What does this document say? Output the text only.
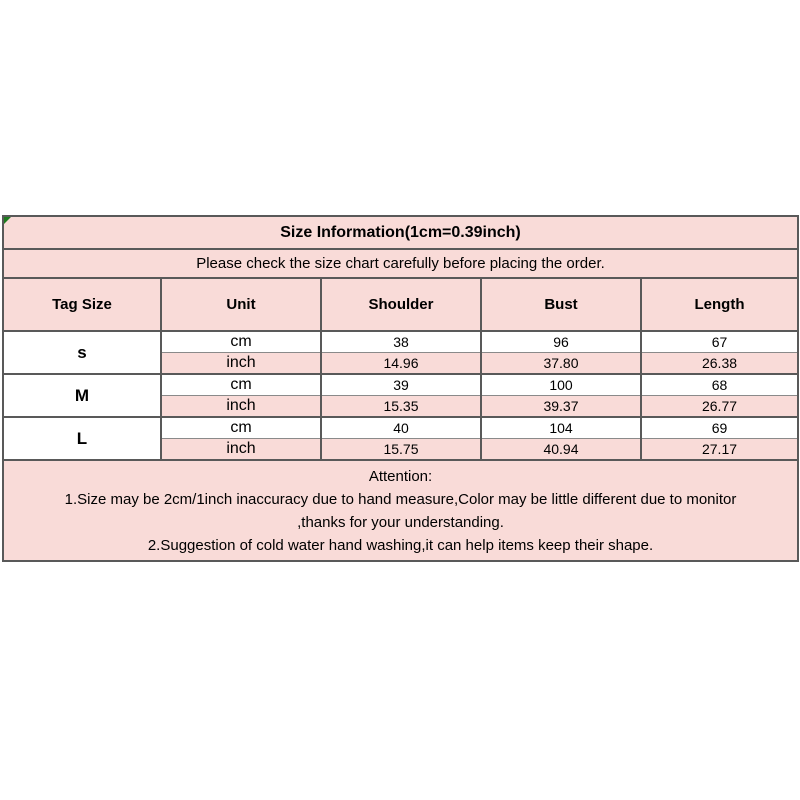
Size Information(1cm=0.39inch)				
Please check the size chart carefully before placing the order.				
Tag Size	Unit	Shoulder	Bust	Length
s	cm	38	96	67
	inch	14.96	37.80	26.38
M	cm	39	100	68
	inch	15.35	39.37	26.77
L	cm	40	104	69
	inch	15.75	40.94	27.17

Attention:
1.Size may be 2cm/1inch inaccuracy due to hand measure,Color may be little different due to monitor
,thanks for your understanding.
2.Suggestion of cold water hand washing,it can help items keep their shape.				
